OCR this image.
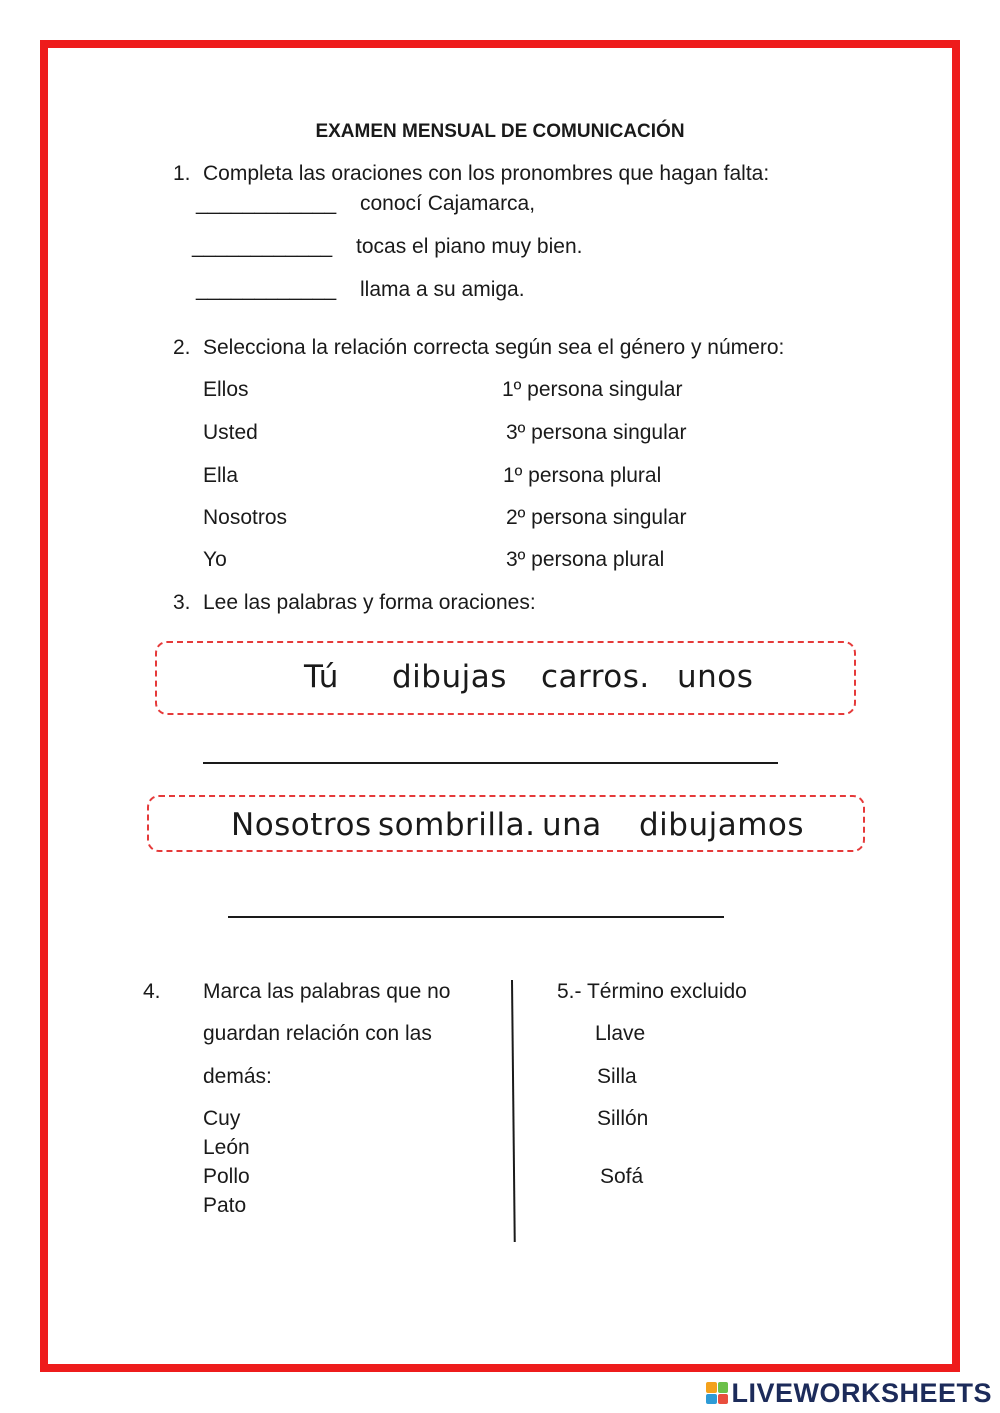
EXAMEN MENSUAL DE COMUNICACIÓN
1. Completa las oraciones con los pronombres que hagan falta:
____________ conocí Cajamarca,
____________ tocas el piano muy bien.
____________ llama a su amiga.
2. Selecciona la relación correcta según sea el género y número:
Ellos
Usted
Ella
Nosotros
Yo
1º persona singular
3º persona singular
1º persona plural
2º persona singular
3º persona plural
3. Lee las palabras y forma oraciones:
Tú dibujas carros. unos
Nosotros sombrilla. una dibujamos
4. Marca las palabras que no
guardan relación con las
demás:
Cuy
León
Pollo
Pato
5.- Término excluido
Llave
Silla
Sillón
Sofá
LIVEWORKSHEETS
